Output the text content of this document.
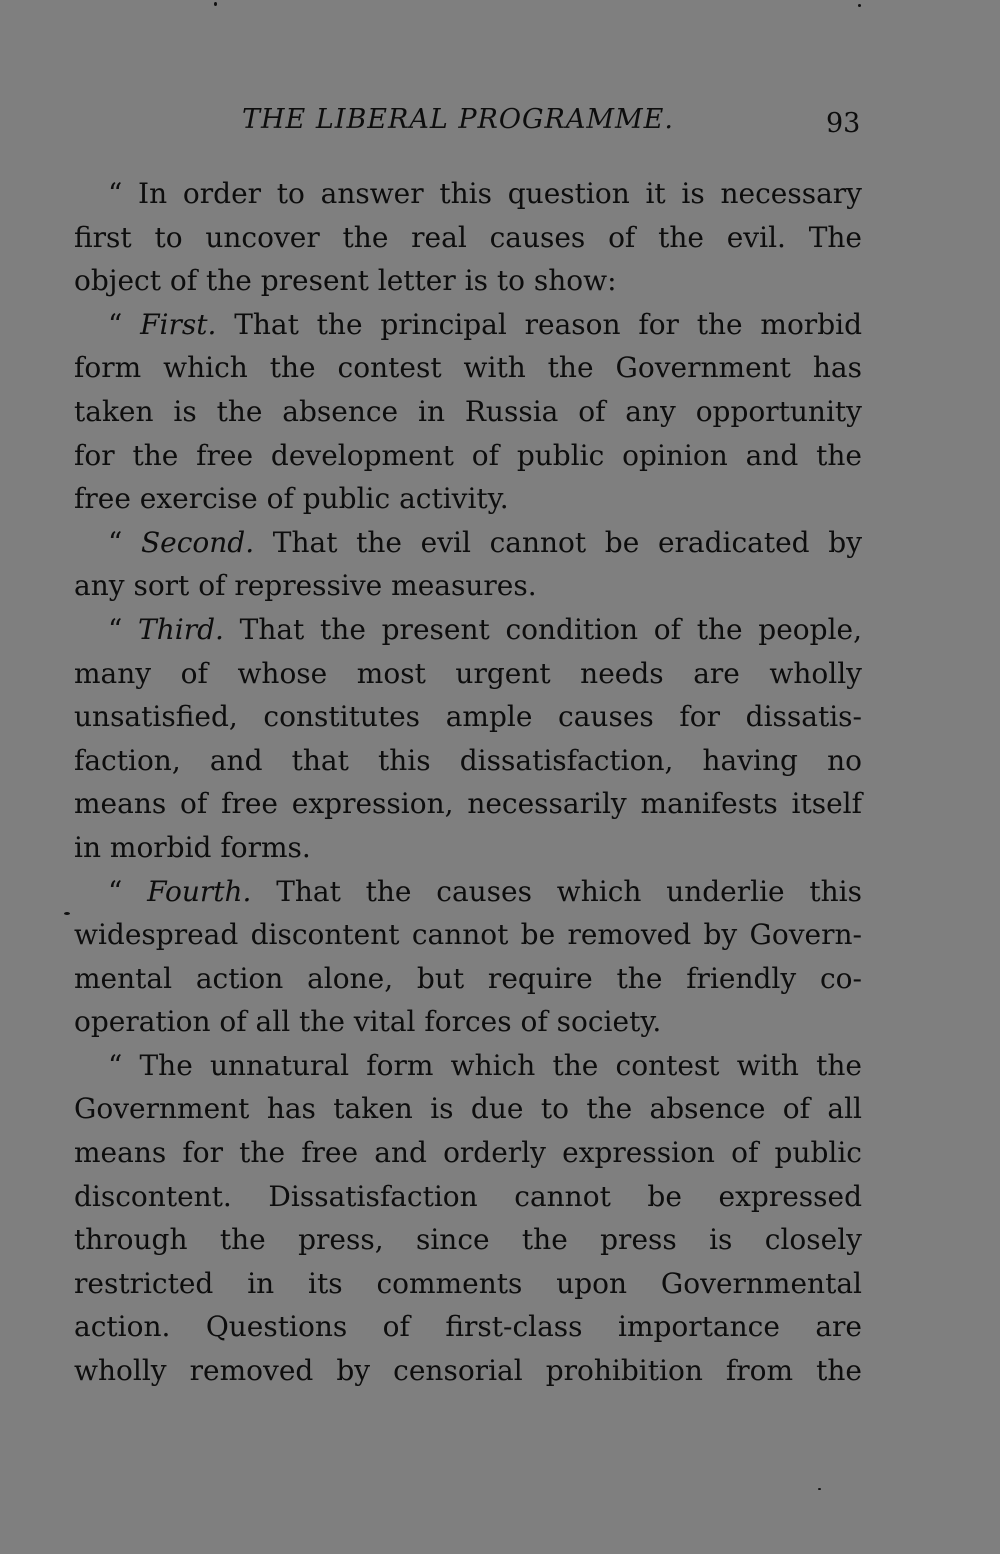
THE LIBERAL PROGRAMME.	93
“ In order to answer this question it is necessary
first to uncover the real causes of the evil. The
object of the present letter is to show:
“ First. That the principal reason for the morbid
form which the contest with the Government has
taken is the absence in Russia of any opportunity
for the free development of public opinion and the
free exercise of public activity.
“ Second. That the evil cannot be eradicated by
any sort of repressive measures.
“ Third. That the present condition of the people,
many of whose most urgent needs are wholly
unsatisfied, constitutes ample causes for dissatis-
faction, and that this dissatisfaction, having no
means of free expression, necessarily manifests itself
in morbid forms.
“ Fourth. That the causes which underlie this
widespread discontent cannot be removed by Govern-
mental action alone, but require the friendly co-
operation of all the vital forces of society.
“ The unnatural form which the contest with the
Government has taken is due to the absence of all
means for the free and orderly expression of public
discontent. Dissatisfaction cannot be expressed
through the press, since the press is closely
restricted in its comments upon Governmental
action. Questions of first-class importance are
wholly removed by censorial prohibition from the
